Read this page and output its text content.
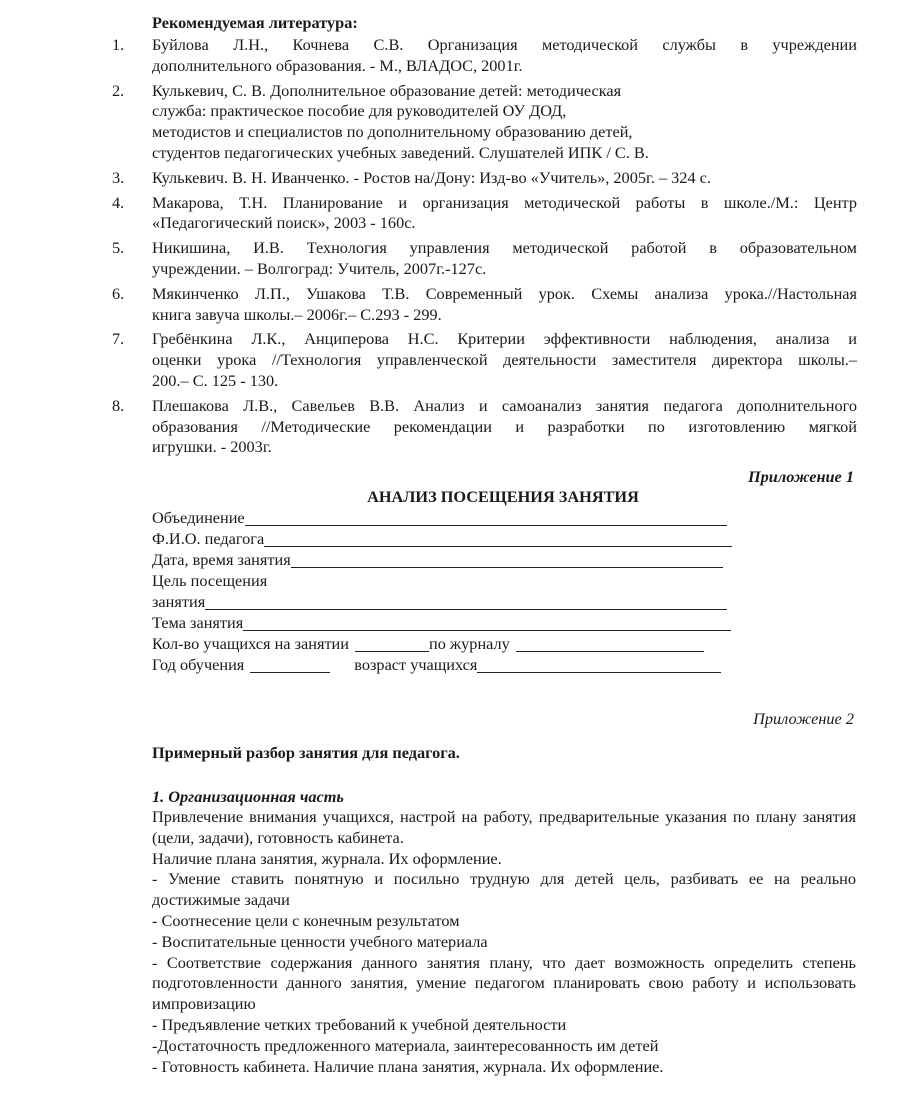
Рекомендуемая литература:
1.	Буйлова Л.Н., Кочнева С.В. Организация методической службы в учреждении
дополнительного образования. - М., ВЛАДОС, 2001г.
2.	Кулькевич, С. В. Дополнительное образование детей: методическая
служба: практическое пособие для руководителей ОУ ДОД,
методистов и специалистов по дополнительному образованию детей,
студентов педагогических учебных заведений. Слушателей ИПК / С. В.
3.	Кулькевич. В. Н. Иванченко. - Ростов на/Дону: Изд-во «Учитель», 2005г. – 324 с.
4.	Макарова, Т.Н. Планирование и организация методической работы в школе./М.: Центр
«Педагогический поиск», 2003 - 160с.
5.	Никишина, И.В. Технология управления методической работой в образовательном
учреждении. – Волгоград: Учитель, 2007г.-127с.
6.	Мякинченко Л.П., Ушакова Т.В. Современный урок. Схемы анализа урока.//Настольная
книга завуча школы.– 2006г.– С.293 - 299.
7.	Гребёнкина Л.К., Анциперова Н.С. Критерии эффективности наблюдения, анализа и
оценки урока //Технология управленческой деятельности заместителя директора школы.–
200.– С. 125 - 130.
8.	Плешакова Л.В., Савельев В.В. Анализ и самоанализ занятия педагога дополнительного
образования //Методические рекомендации и разработки по изготовлению мягкой
игрушки. - 2003г.
Приложение 1
АНАЛИЗ ПОСЕЩЕНИЯ ЗАНЯТИЯ
Объединение
Ф.И.О. педагога
Дата, время занятия
Цель посещения
занятия
Тема занятия
Кол-во учащихся на занятии	по журналу
Год обучения	возраст учащихся
Приложение 2
Примерный разбор занятия для педагога.
1. Организационная часть

Привлечение внимания учащихся, настрой на работу, предварительные указания по плану занятия (цели, задачи), готовность кабинета.

Наличие плана занятия, журнала. Их оформление.

- Умение ставить понятную и посильно трудную для детей цель, разбивать ее на реально достижимые задачи

- Соотнесение цели с конечным результатом

- Воспитательные ценности учебного материала

- Соответствие содержания данного занятия плану, что дает возможность определить степень подготовленности данного занятия, умение педагогом планировать свою работу и использовать импровизацию

- Предъявление четких требований к учебной деятельности

-Достаточность предложенного материала, заинтересованность им детей

- Готовность кабинета. Наличие плана занятия, журнала. Их оформление.
